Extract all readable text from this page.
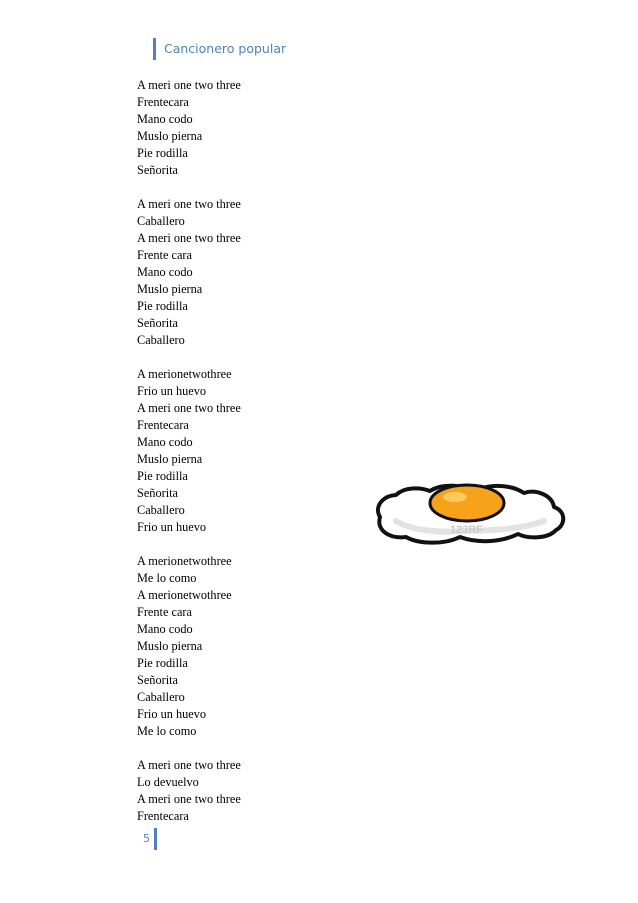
Cancionero popular
A meri one two three
Frentecara
Mano codo
Muslo pierna
Pie rodilla
Señorita
A meri one two three
Caballero
A meri one two three
Frente cara
Mano codo
Muslo pierna
Pie rodilla
Señorita
Caballero
A merionetwothree
Frio un huevo
A meri one two three
Frentecara
Mano codo
Muslo pierna
Pie rodilla
Señorita
Caballero
Frio un huevo
A merionetwothree
Me lo como
A merionetwothree
Frente cara
Mano codo
Muslo pierna
Pie rodilla
Señorita
Caballero
Frio un huevo
Me lo como
A meri one two three
Lo devuelvo
A meri one two three
Frentecara
123RF
5
